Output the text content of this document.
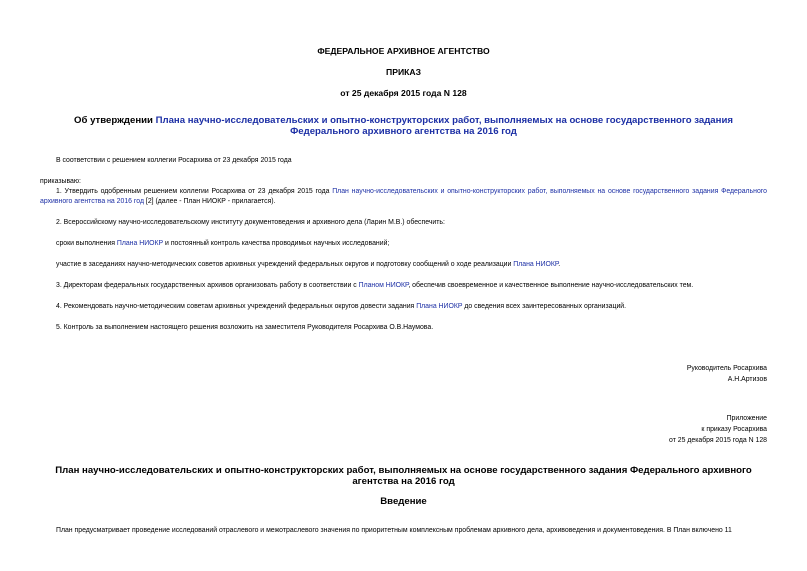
ФЕДЕРАЛЬНОЕ АРХИВНОЕ АГЕНТСТВО
ПРИКАЗ
от 25 декабря 2015 года N 128
Об утверждении Плана научно-исследовательских и опытно-конструкторских работ, выполняемых на основе государственного задания Федерального архивного агентства на 2016 год
В соответствии с решением коллегии Росархива от 23 декабря 2015 года
приказываю:
1. Утвердить одобренным решением коллегии Росархива от 23 декабря 2015 года План научно-исследовательских и опытно-конструкторских работ, выполняемых на основе государственного задания Федерального архивного агентства на 2016 год [2] (далее - План НИОКР - прилагается).
2. Всероссийскому научно-исследовательскому институту документоведения и архивного дела (Ларин М.В.) обеспечить:
сроки выполнения Плана НИОКР и постоянный контроль качества проводимых научных исследований;
участие в заседаниях научно-методических советов архивных учреждений федеральных округов и подготовку сообщений о ходе реализации Плана НИОКР.
3. Директорам федеральных государственных архивов организовать работу в соответствии с Планом НИОКР, обеспечив своевременное и качественное выполнение научно-исследовательских тем.
4. Рекомендовать научно-методическим советам архивных учреждений федеральных округов довести задания Плана НИОКР до сведения всех заинтересованных организаций.
5. Контроль за выполнением настоящего решения возложить на заместителя Руководителя Росархива О.В.Наумова.
Руководитель Росархива
А.Н.Артизов
Приложение
к приказу Росархива
от 25 декабря 2015 года N 128
План научно-исследовательских и опытно-конструкторских работ, выполняемых на основе государственного задания Федерального архивного агентства на 2016 год
Введение
План предусматривает проведение исследований отраслевого и межотраслевого значения по приоритетным комплексным проблемам архивного дела, архивоведения и документоведения. В План включено 11
